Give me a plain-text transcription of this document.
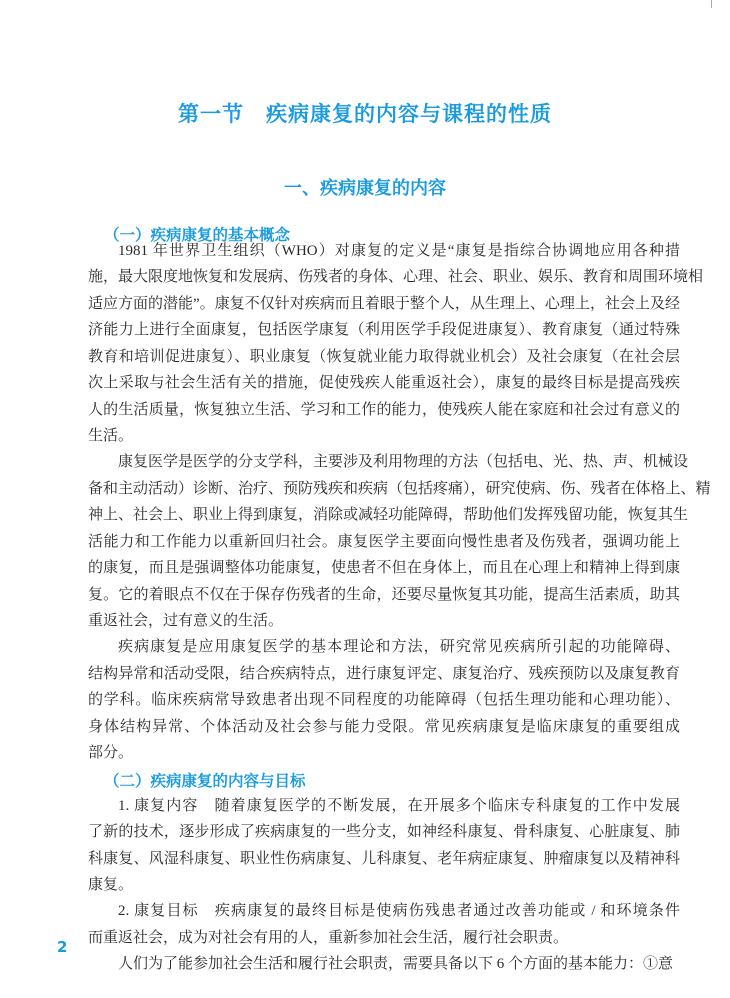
第一节　疾病康复的内容与课程的性质
一、疾病康复的内容
（一）疾病康复的基本概念
（二）疾病康复的内容与目标
1981 年世界卫生组织（WHO）对康复的定义是“康复是指综合协调地应用各种措
施，最大限度地恢复和发展病、伤残者的身体、心理、社会、职业、娱乐、教育和周围环境相
适应方面的潜能”。康复不仅针对疾病而且着眼于整个人，从生理上、心理上，社会上及经
济能力上进行全面康复，包括医学康复（利用医学手段促进康复）、教育康复（通过特殊
教育和培训促进康复）、职业康复（恢复就业能力取得就业机会）及社会康复（在社会层
次上采取与社会生活有关的措施，促使残疾人能重返社会），康复的最终目标是提高残疾
人的生活质量，恢复独立生活、学习和工作的能力，使残疾人能在家庭和社会过有意义的
生活。
康复医学是医学的分支学科，主要涉及利用物理的方法（包括电、光、热、声、机械设
备和主动活动）诊断、治疗、预防残疾和疾病（包括疼痛），研究使病、伤、残者在体格上、精
神上、社会上、职业上得到康复，消除或减轻功能障碍，帮助他们发挥残留功能，恢复其生
活能力和工作能力以重新回归社会。康复医学主要面向慢性患者及伤残者，强调功能上
的康复，而且是强调整体功能康复，使患者不但在身体上，而且在心理上和精神上得到康
复。它的着眼点不仅在于保存伤残者的生命，还要尽量恢复其功能，提高生活素质，助其
重返社会，过有意义的生活。
疾病康复是应用康复医学的基本理论和方法，研究常见疾病所引起的功能障碍、
结构异常和活动受限，结合疾病特点，进行康复评定、康复治疗、残疾预防以及康复教育
的学科。临床疾病常导致患者出现不同程度的功能障碍（包括生理功能和心理功能）、
身体结构异常、个体活动及社会参与能力受限。常见疾病康复是临床康复的重要组成
部分。
1. 康复内容　随着康复医学的不断发展，在开展多个临床专科康复的工作中发展
了新的技术，逐步形成了疾病康复的一些分支，如神经科康复、骨科康复、心脏康复、肺
科康复、风湿科康复、职业性伤病康复、儿科康复、老年病症康复、肿瘤康复以及精神科
康复。
2. 康复目标　疾病康复的最终目标是使病伤残患者通过改善功能或 / 和环境条件
而重返社会，成为对社会有用的人，重新参加社会生活，履行社会职责。
人们为了能参加社会生活和履行社会职责，需要具备以下 6 个方面的基本能力：①意
2
